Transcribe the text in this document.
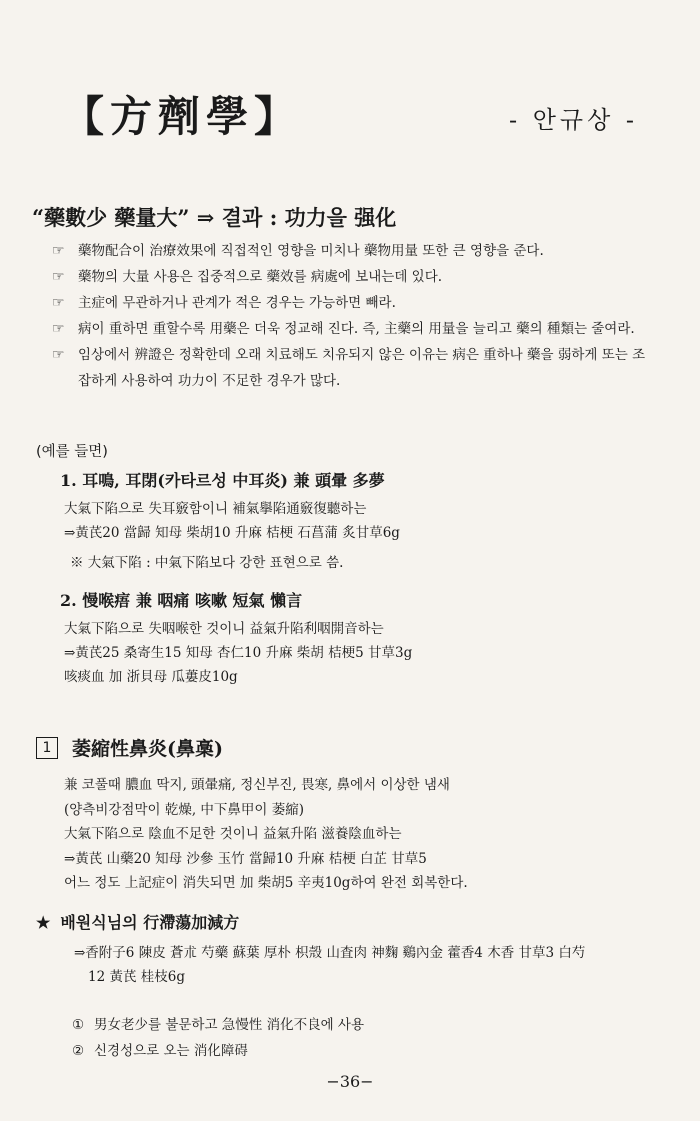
【方劑學】	- 안규상 -
“藥數少 藥量大” ⇒ 결과 : 功力을 强化
☞ 藥物配合이 治療效果에 직접적인 영향을 미치나 藥物用量 또한 큰 영향을 준다.
☞ 藥物의 大量 사용은 집중적으로 藥效를 病處에 보내는데 있다.
☞ 主症에 무관하거나 관계가 적은 경우는 가능하면 빼라.
☞ 病이 重하면 重할수록 用藥은 더욱 정교해 진다. 즉, 主藥의 用量을 늘리고 藥의 種類는 줄여라.
☞ 임상에서 辨證은 정확한데 오래 치료해도 치유되지 않은 이유는 病은 重하나 藥을 弱하게 또는 조잡하게 사용하여 功力이 不足한 경우가 많다.
(예를 들면)
1. 耳鳴, 耳閉(카타르성 中耳炎) 兼 頭暈 多夢
大氣下陷으로 失耳竅함이니 補氣擧陷通竅復聽하는
⇒黃芪20 當歸 知母 柴胡10 升麻 桔梗 石菖蒲 炙甘草6g
※ 大氣下陷 : 中氣下陷보다 강한 표현으로 씀.
2. 慢喉痦 兼 咽痛 咳嗽 短氣 懶言
大氣下陷으로 失咽喉한 것이니 益氣升陷利咽開音하는
⇒黃芪25 桑寄生15 知母 杏仁10 升麻 柴胡 桔梗5 甘草3g
咳痰血 加 浙貝母 瓜蔞皮10g
1	萎縮性鼻炎(鼻槀)
兼 코풀때 膿血 딱지, 頭暈痛, 정신부진, 畏寒, 鼻에서 이상한 냄새
(양측비강점막이 乾燥, 中下鼻甲이 萎縮)
大氣下陷으로 陰血不足한 것이니 益氣升陷 滋養陰血하는
⇒黃芪 山藥20 知母 沙參 玉竹 當歸10 升麻 桔梗 白芷 甘草5
어느 정도 上記症이 消失되면 加 柴胡5 辛夷10g하여 완전 회복한다.
★ 배원식님의 行滯蕩加減方
⇒香附子6 陳皮 蒼朮 芍藥 蘇葉 厚朴 枳殼 山査肉 神麴 鷄內金 藿香4 木香 甘草3 白芍
12 黃芪 桂枝6g
① 男女老少를 불문하고 急慢性 消化不良에 사용
② 신경성으로 오는 消化障碍
−36−
